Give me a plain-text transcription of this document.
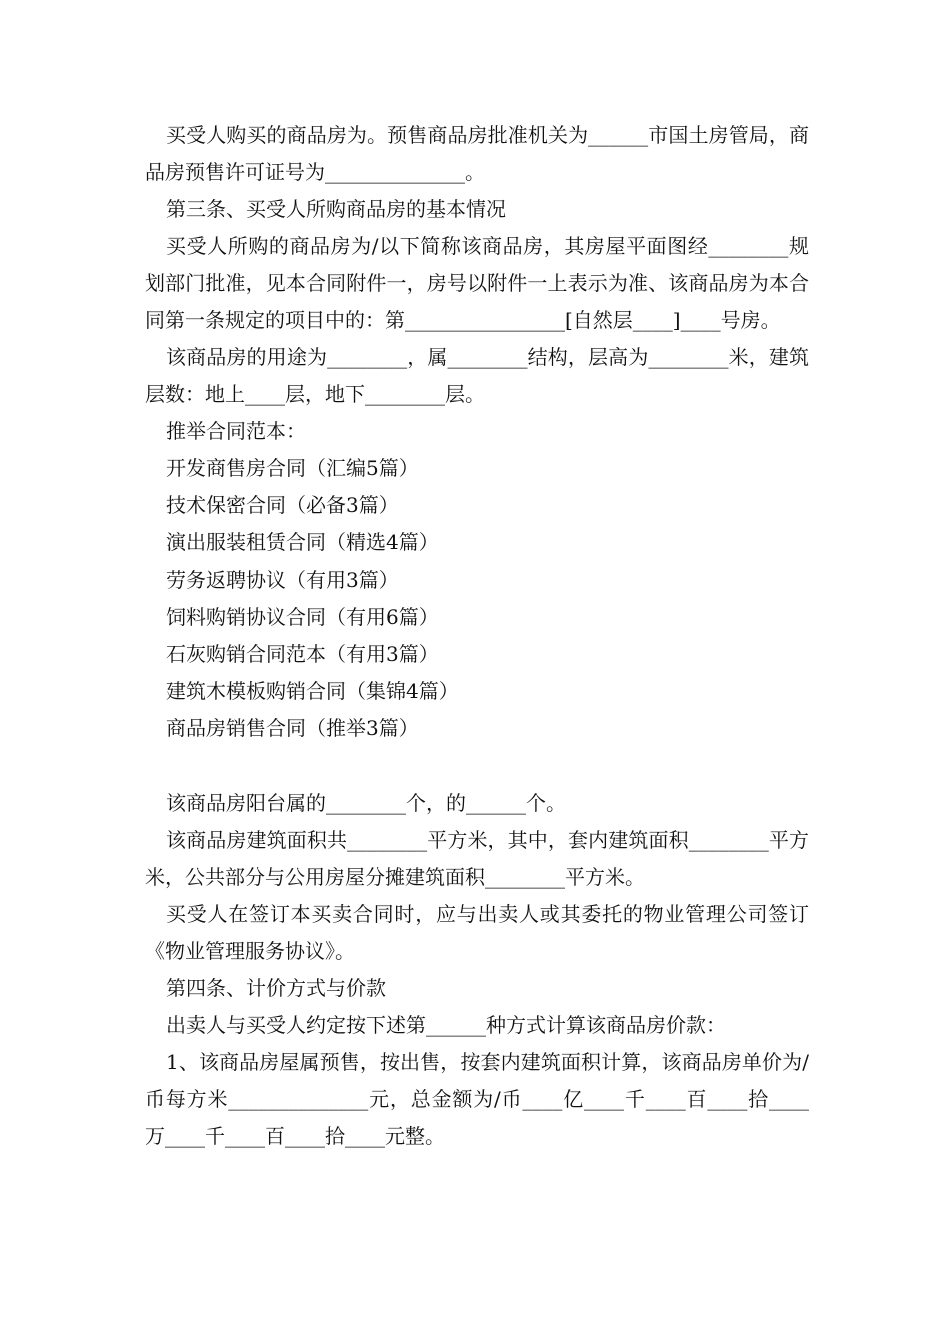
买受人购买的商品房为。预售商品房批准机关为______市国土房管局，商品房预售许可证号为______________。

第三条、买受人所购商品房的基本情况

买受人所购的商品房为/以下简称该商品房，其房屋平面图经________规划部门批准，见本合同附件一，房号以附件一上表示为准、该商品房为本合同第一条规定的项目中的：第________________[自然层____]____号房。

该商品房的用途为________，属________结构，层高为________米，建筑层数：地上____层，地下________层。

推举合同范本：

开发商售房合同（汇编5篇）

技术保密合同（必备3篇）

演出服装租赁合同（精选4篇）

劳务返聘协议（有用3篇）

饲料购销协议合同（有用6篇）

石灰购销合同范本（有用3篇）

建筑木模板购销合同（集锦4篇）

商品房销售合同（推举3篇）

该商品房阳台属的________个，的______个。

该商品房建筑面积共________平方米，其中，套内建筑面积________平方米，公共部分与公用房屋分摊建筑面积________平方米。

买受人在签订本买卖合同时，应与出卖人或其委托的物业管理公司签订《物业管理服务协议》。

第四条、计价方式与价款

出卖人与买受人约定按下述第______种方式计算该商品房价款：

1、该商品房屋属预售，按出售，按套内建筑面积计算，该商品房单价为/币每方米______________元，总金额为/币____亿____千____百____拾____万____千____百____拾____元整。
